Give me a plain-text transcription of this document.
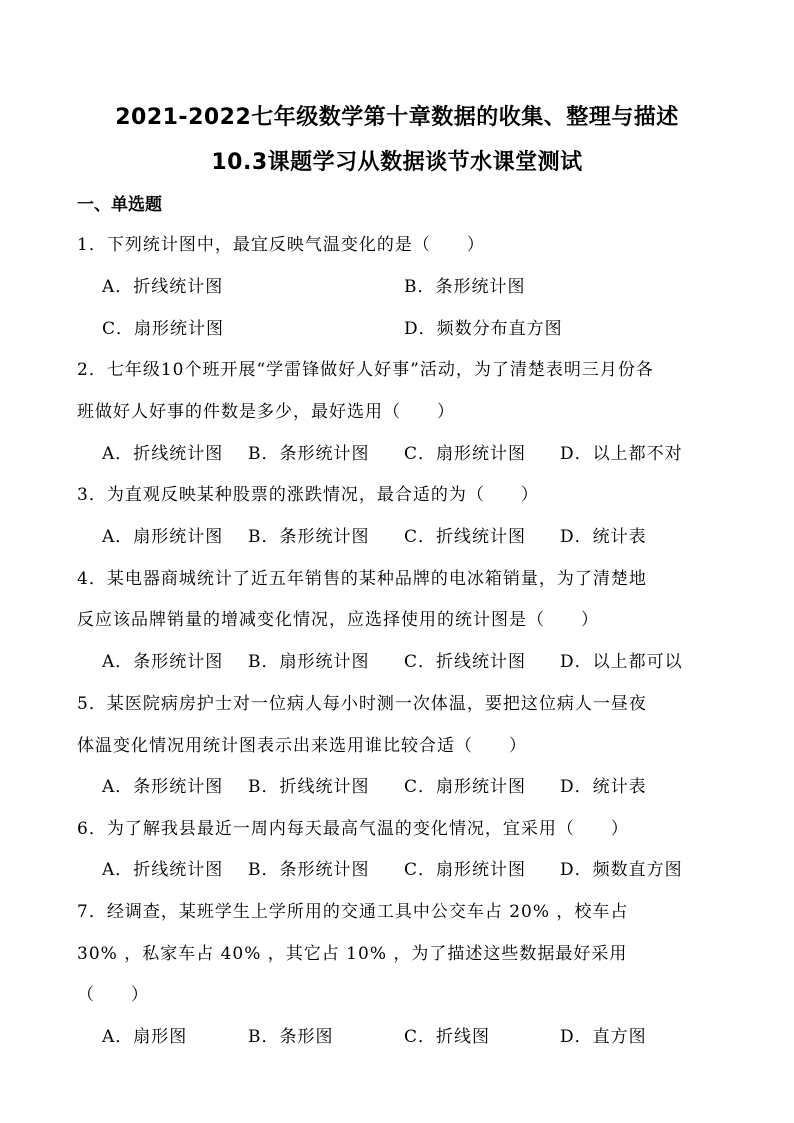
2021-2022七年级数学第十章数据的收集、整理与描述
10.3课题学习从数据谈节水课堂测试
一、单选题
1．下列统计图中，最宜反映气温变化的是（　　）
A．折线统计图	B．条形统计图
C．扇形统计图	D．频数分布直方图
2．七年级10个班开展“学雷锋做好人好事”活动，为了清楚表明三月份各
班做好人好事的件数是多少，最好选用（　　）
A．折线统计图 B．条形统计图 C．扇形统计图 D．以上都不对
3．为直观反映某种股票的涨跌情况，最合适的为（　　）
A．扇形统计图 B．条形统计图 C．折线统计图 D．统计表
4．某电器商城统计了近五年销售的某种品牌的电冰箱销量，为了清楚地
反应该品牌销量的增减变化情况，应选择使用的统计图是（　　）
A．条形统计图 B．扇形统计图 C．折线统计图 D．以上都可以
5．某医院病房护士对一位病人每小时测一次体温，要把这位病人一昼夜
体温变化情况用统计图表示出来选用谁比较合适（　　）
A．条形统计图 B．折线统计图 C．扇形统计图 D．统计表
6．为了解我县最近一周内每天最高气温的变化情况，宜采用（　　）
A．折线统计图 B．条形统计图 C．扇形统计图 D．频数直方图
7．经调查，某班学生上学所用的交通工具中公交车占 20% ，校车占
30% ，私家车占 40% ，其它占 10% ，为了描述这些数据最好采用
（　　）
A．扇形图	B．条形图	C．折线图	D．直方图
